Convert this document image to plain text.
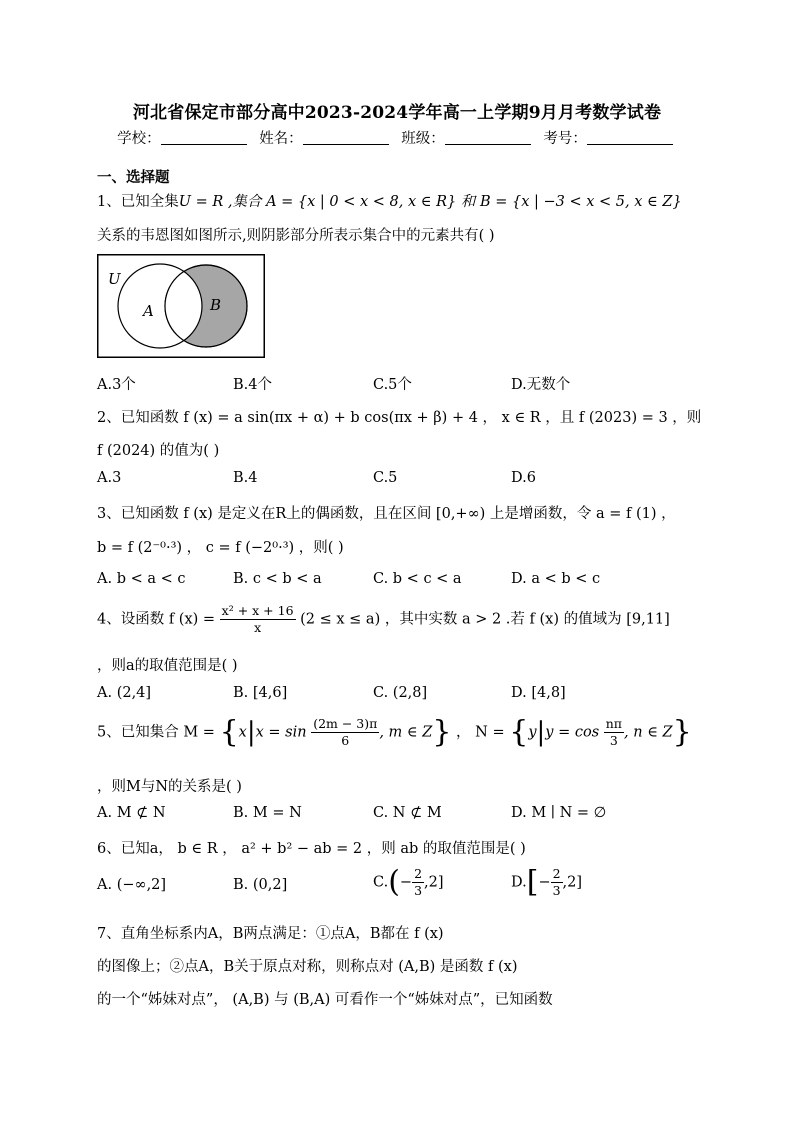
河北省保定市部分高中2023-2024学年高一上学期9月月考数学试卷
学校：	姓名：	班级：	考号：
一、选择题
1、已知全集U = R ,集合 A = {x | 0 < x < 8, x ∈ R} 和 B = {x | −3 < x < 5, x ∈ Z}
关系的韦恩图如图所示,则阴影部分所表示集合中的元素共有( )
U
A	B
A.3个	B.4个	C.5个	D.无数个
2、已知函数 f (x) = a sin(πx + α) + b cos(πx + β) + 4 ， x ∈ R ，且 f (2023) = 3 ，则
f (2024) 的值为( )
A.3	B.4	C.5	D.6
3、已知函数 f (x) 是定义在R上的偶函数，且在区间 [0,+∞) 上是增函数，令 a = f (1) ，
b = f (2⁻⁰·³) ， c = f (−2⁰·³) ，则( )
A. b < a < c	B. c < b < a	C. b < c < a	D. a < b < c
4、设函数 f $(x) = \frac{\text{x² + x + 16}}{x} (2 \le x \le a)$ ，其中实数 a > 2 .若 f (x) 的值域为 [9,11]
，则a的取值范围是( )
A. (2,4]	B. [4,6]	C. (2,8]	D. [4,8]
5、已知集合 $M = \{x|x = \sin \frac{(2m - 3)\pi}{6}$ , m ∈ Z} ， $N = \{y|y = \cos \frac{n\pi}{3}$ , n ∈ Z}
，则M与N的关系是( )
A. M ⊄ N	B. M = N	C. N ⊄ M	D. M ∣ N = ∅
6、已知a， b ∈ R ， a² + b² − ab = 2 ，则 ab 的取值范围是( )
A. (−∞,2]	B. (0,2]	$C.(- \frac{2}{3} ,2]$	$D.[- \frac{2}{3} ,2]$
7、直角坐标系内A，B两点满足：①点A，B都在 f (x)
的图像上；②点A，B关于原点对称，则称点对 (A,B) 是函数 f (x)
的一个“姊妹对点”， (A,B) 与 (B,A) 可看作一个“姊妹对点”，已知函数
